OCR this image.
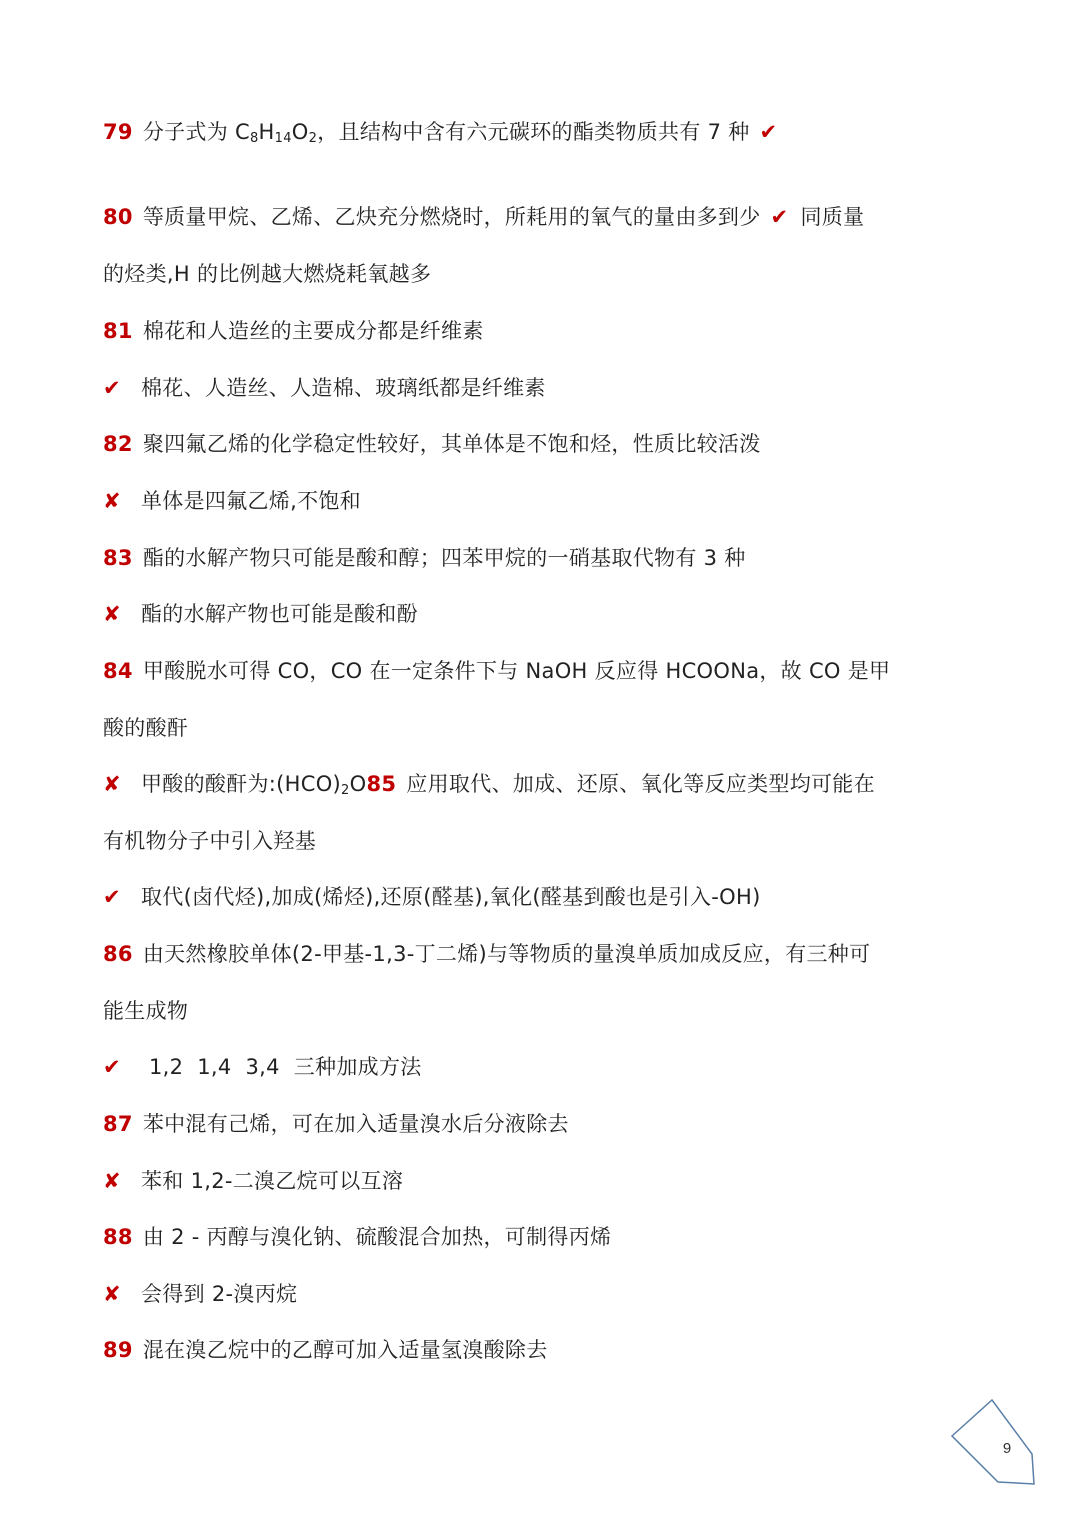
79 分子式为 $C_8H_{14}O_2$，且结构中含有六元碳环的酯类物质共有 7 种 ✔
80 等质量甲烷、乙烯、乙炔充分燃烧时，所耗用的氧气的量由多到少 ✔ 同质量
的烃类,H 的比例越大燃烧耗氧越多
81 棉花和人造丝的主要成分都是纤维素
✔ 棉花、人造丝、人造棉、玻璃纸都是纤维素
82 聚四氟乙烯的化学稳定性较好，其单体是不饱和烃，性质比较活泼
✘ 单体是四氟乙烯,不饱和
83 酯的水解产物只可能是酸和醇；四苯甲烷的一硝基取代物有 3 种
✘ 酯的水解产物也可能是酸和酚
84 甲酸脱水可得 CO，CO 在一定条件下与 NaOH 反应得 HCOONa，故 CO 是甲
酸的酸酐
✘ 甲酸的酸酐为$:(HCO)_2O85$ 应用取代、加成、还原、氧化等反应类型均可能在
有机物分子中引入羟基
✔ 取代(卤代烃),加成(烯烃),还原(醛基),氧化(醛基到酸也是引入-OH)
86 由天然橡胶单体(2-甲基-1,3-丁二烯)与等物质的量溴单质加成反应，有三种可
能生成物
✔ 1,2  1,4  3,4  三种加成方法
87 苯中混有己烯，可在加入适量溴水后分液除去
✘ 苯和 1,2-二溴乙烷可以互溶
88 由 2 - 丙醇与溴化钠、硫酸混合加热，可制得丙烯
✘ 会得到 2-溴丙烷
89 混在溴乙烷中的乙醇可加入适量氢溴酸除去
9
